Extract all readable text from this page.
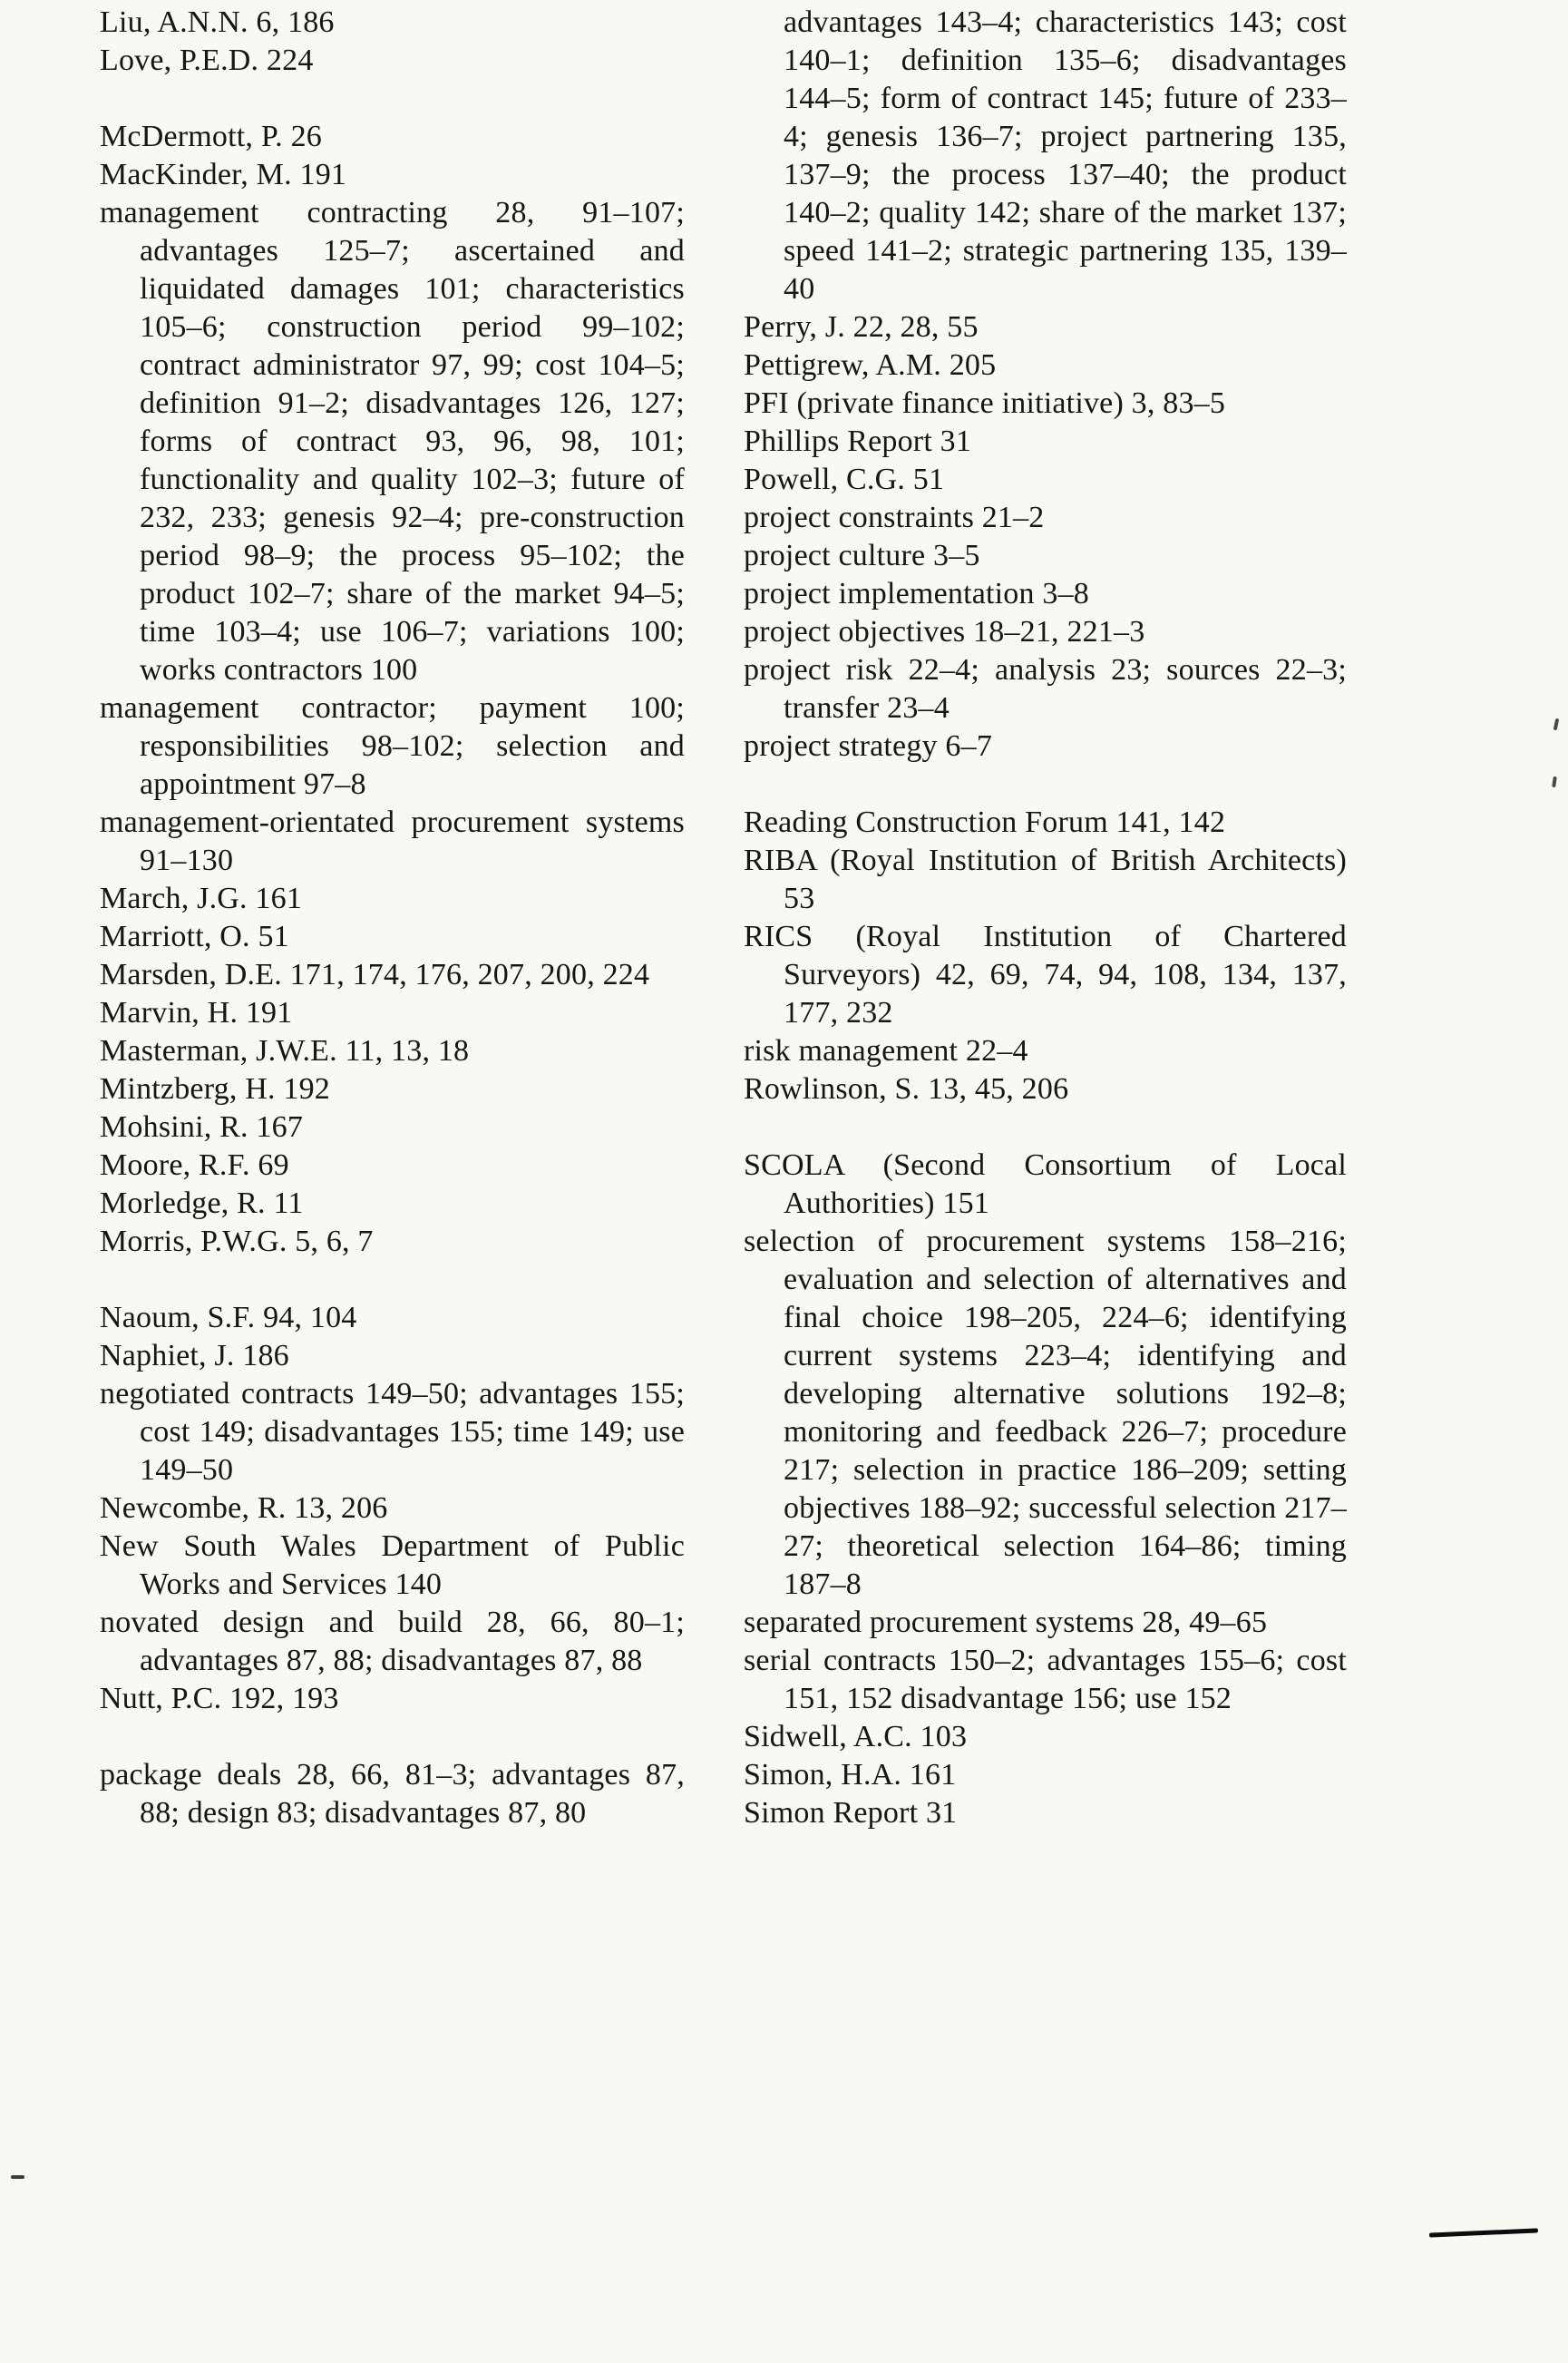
Liu, A.N.N. 6, 186

Love, P.E.D. 224

McDermott, P. 26

MacKinder, M. 191

management contracting 28, 91–107; advantages 125–7; ascertained and liquidated damages 101; characteristics 105–6; construction period 99–102; contract administrator 97, 99; cost 104–5; definition 91–2; disadvantages 126, 127; forms of contract 93, 96, 98, 101; functionality and quality 102–3; future of 232, 233; genesis 92–4; pre-construction period 98–9; the process 95–102; the product 102–7; share of the market 94–5; time 103–4; use 106–7; variations 100; works contractors 100

management contractor; payment 100; responsibilities 98–102; selection and appointment 97–8

management-orientated procurement systems 91–130

March, J.G. 161

Marriott, O. 51

Marsden, D.E. 171, 174, 176, 207, 200, 224

Marvin, H. 191

Masterman, J.W.E. 11, 13, 18

Mintzberg, H. 192

Mohsini, R. 167

Moore, R.F. 69

Morledge, R. 11

Morris, P.W.G. 5, 6, 7

Naoum, S.F. 94, 104

Naphiet, J. 186

negotiated contracts 149–50; advantages 155; cost 149; disadvantages 155; time 149; use 149–50

Newcombe, R. 13, 206

New South Wales Department of Public Works and Services 140

novated design and build 28, 66, 80–1; advantages 87, 88; disadvantages 87, 88

Nutt, P.C. 192, 193

package deals 28, 66, 81–3; advantages 87, 88; design 83; disadvantages 87, 80

advantages 143–4; characteristics 143; cost 140–1; definition 135–6; disadvantages 144–5; form of contract 145; future of 233–4; genesis 136–7; project partnering 135, 137–9; the process 137–40; the product 140–2; quality 142; share of the market 137; speed 141–2; strategic partnering 135, 139–40

Perry, J. 22, 28, 55

Pettigrew, A.M. 205

PFI (private finance initiative) 3, 83–5

Phillips Report 31

Powell, C.G. 51

project constraints 21–2

project culture 3–5

project implementation 3–8

project objectives 18–21, 221–3

project risk 22–4; analysis 23; sources 22–3; transfer 23–4

project strategy 6–7

Reading Construction Forum 141, 142

RIBA (Royal Institution of British Architects) 53

RICS (Royal Institution of Chartered Surveyors) 42, 69, 74, 94, 108, 134, 137, 177, 232

risk management 22–4

Rowlinson, S. 13, 45, 206

SCOLA (Second Consortium of Local Authorities) 151

selection of procurement systems 158–216; evaluation and selection of alternatives and final choice 198–205, 224–6; identifying current systems 223–4; identifying and developing alternative solutions 192–8; monitoring and feedback 226–7; procedure 217; selection in practice 186–209; setting objectives 188–92; successful selection 217–27; theoretical selection 164–86; timing 187–8

separated procurement systems 28, 49–65

serial contracts 150–2; advantages 155–6; cost 151, 152 disadvantage 156; use 152

Sidwell, A.C. 103

Simon, H.A. 161

Simon Report 31
